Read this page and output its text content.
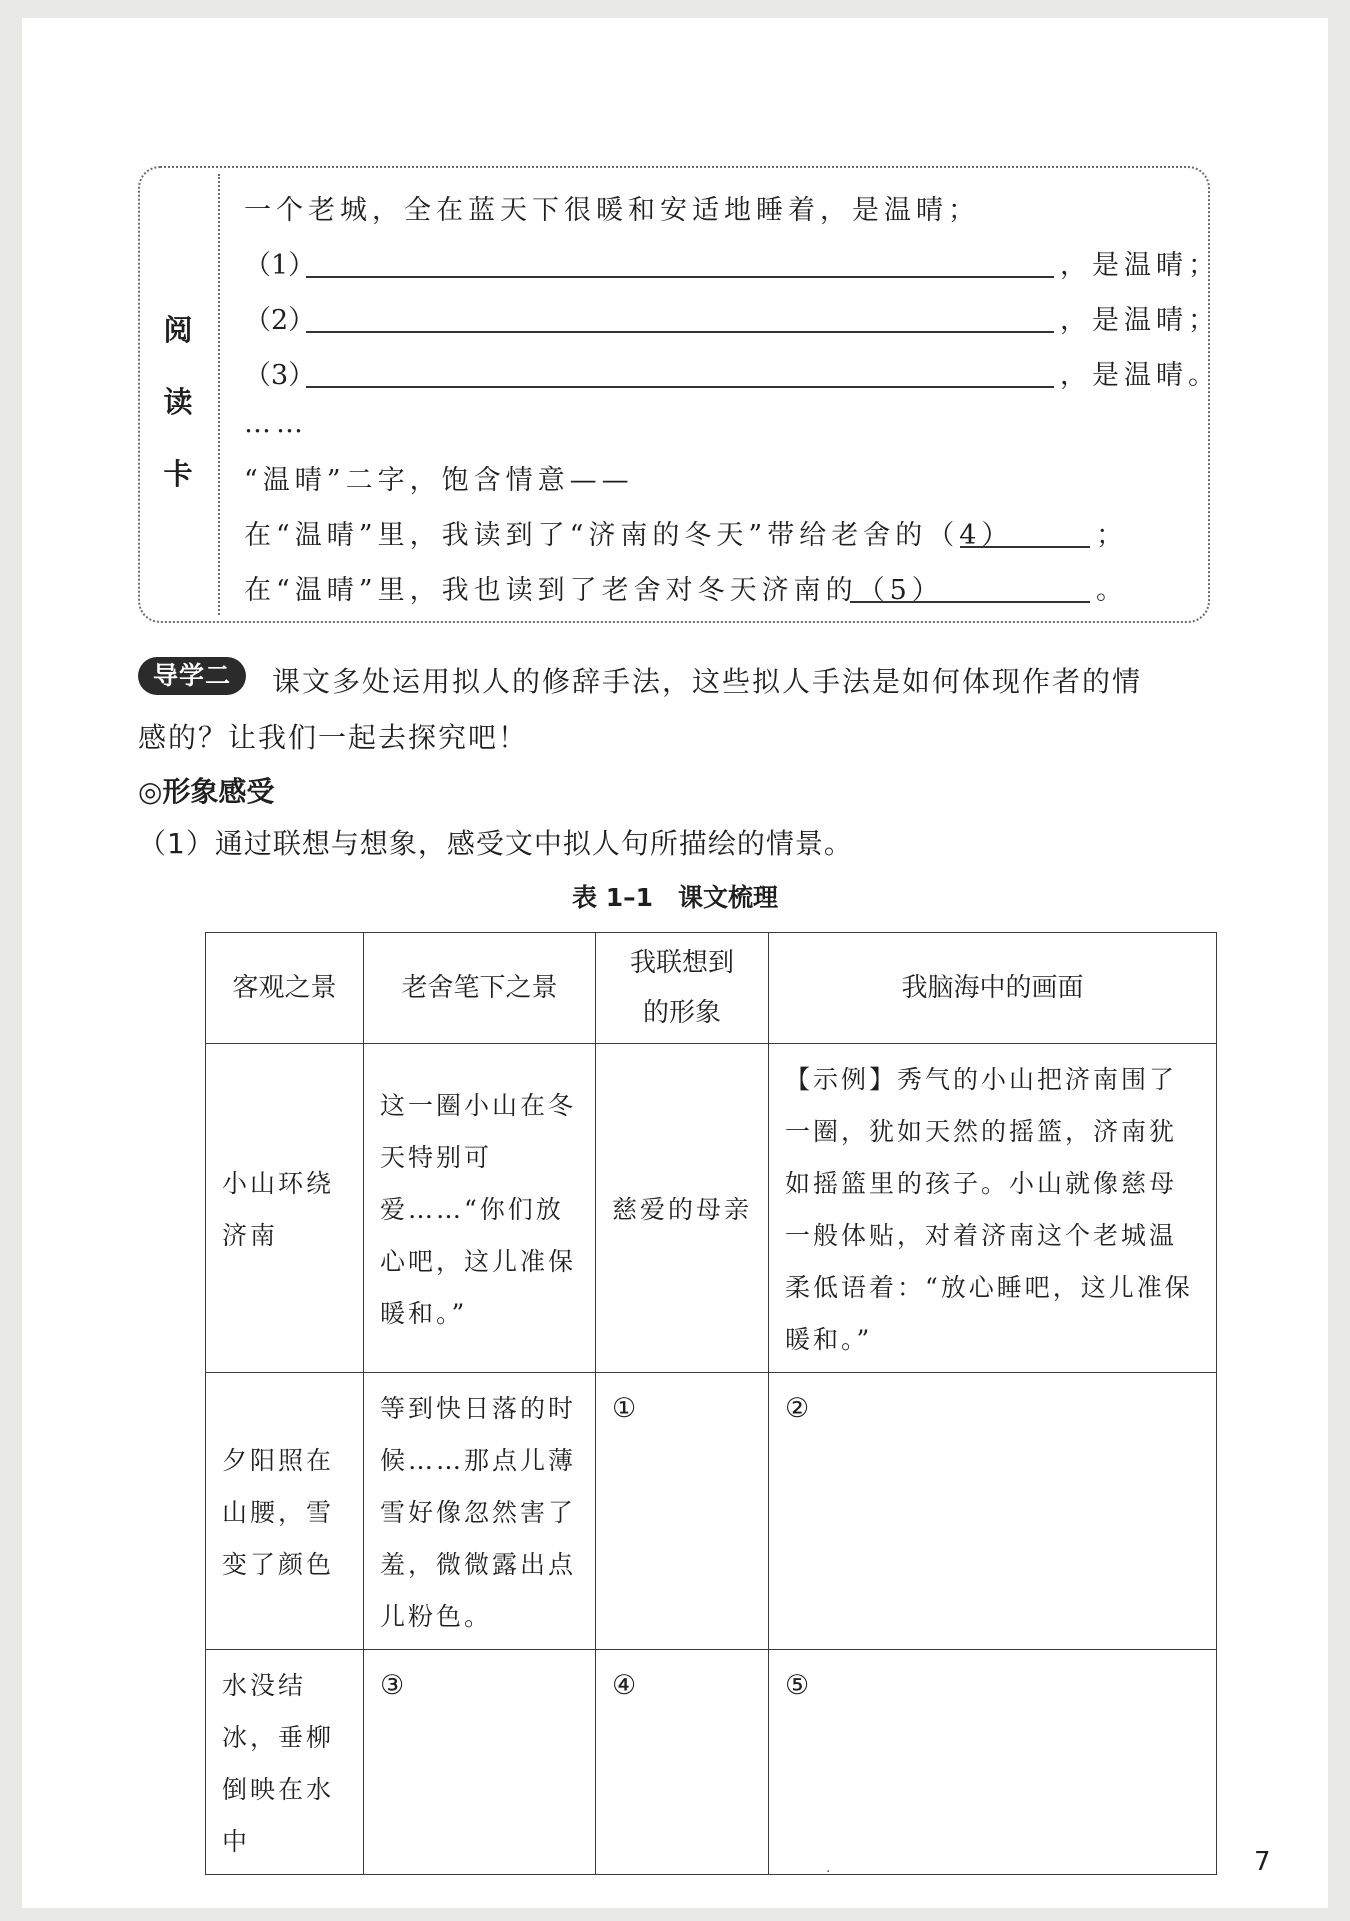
阅
读
卡
一个老城，全在蓝天下很暖和安适地睡着，是温晴；
（1）	，是温晴；
（2）	，是温晴；
（3）	，是温晴。
……
“温晴”二字，饱含情意——
在“温晴”里，我读到了“济南的冬天”带给老舍的（4）	；
在“温晴”里，我也读到了老舍对冬天济南的（5）	。
导学二	课文多处运用拟人的修辞手法，这些拟人手法是如何体现作者的情
感的？让我们一起去探究吧！
◎形象感受
（1）通过联想与想象，感受文中拟人句所描绘的情景。
表 1–1　课文梳理
客观之景	老舍笔下之景	我联想到的形象	我脑海中的画面

小山环绕济南	这一圈小山在冬天特别可爱……“你们放心吧，这儿准保暖和。”	慈爱的母亲	【示例】秀气的小山把济南围了一圈，犹如天然的摇篮，济南犹如摇篮里的孩子。小山就像慈母一般体贴，对着济南这个老城温柔低语着：“放心睡吧，这儿准保暖和。”

夕阳照在山腰，雪变了颜色	等到快日落的时候……那点儿薄雪好像忽然害了羞，微微露出点儿粉色。	①	②

水没结冰，垂柳倒映在水中	③	④	⑤
.	7
